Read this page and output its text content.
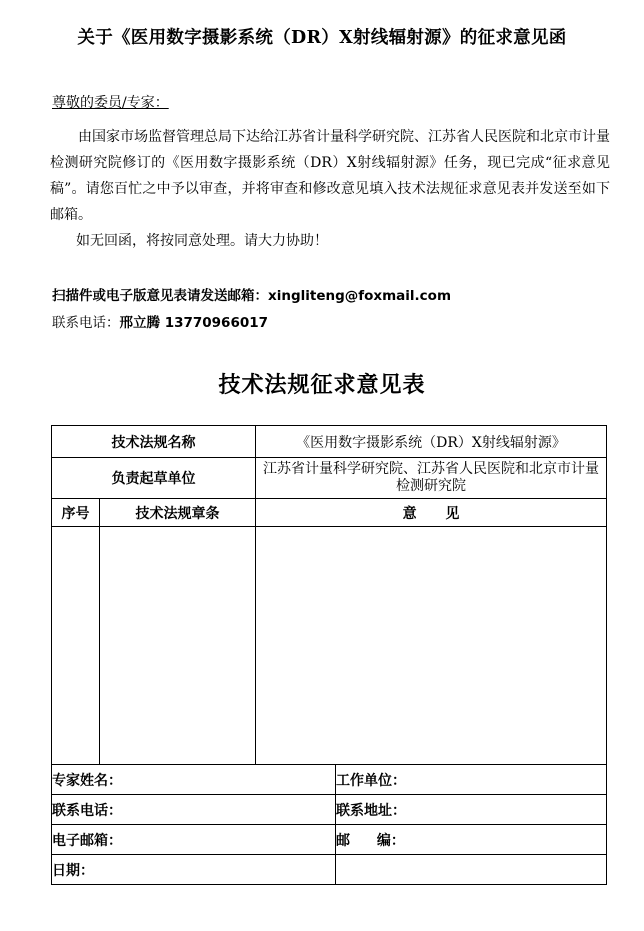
关于《医用数字摄影系统（DR）X射线辐射源》的征求意见函
尊敬的委员/专家：
由国家市场监督管理总局下达给江苏省计量科学研究院、江苏省人民医院和北京市计量检测研究院修订的《医用数字摄影系统（DR）X射线辐射源》任务，现已完成“征求意见稿”。请您百忙之中予以审查，并将审查和修改意见填入技术法规征求意见表并发送至如下邮箱。
如无回函，将按同意处理。请大力协助！
扫描件或电子版意见表请发送邮箱：xingliteng@foxmail.com
联系电话：邢立腾 13770966017
技术法规征求意见表
技术法规名称		《医用数字摄影系统（DR）X射线辐射源》	
负责起草单位		江苏省计量科学研究院、江苏省人民医院和北京市计量检测研究院	
序号	技术法规章条	意 见	

专家姓名：			工作单位：
联系电话：			联系地址：
电子邮箱：			邮 编：
日期：			
